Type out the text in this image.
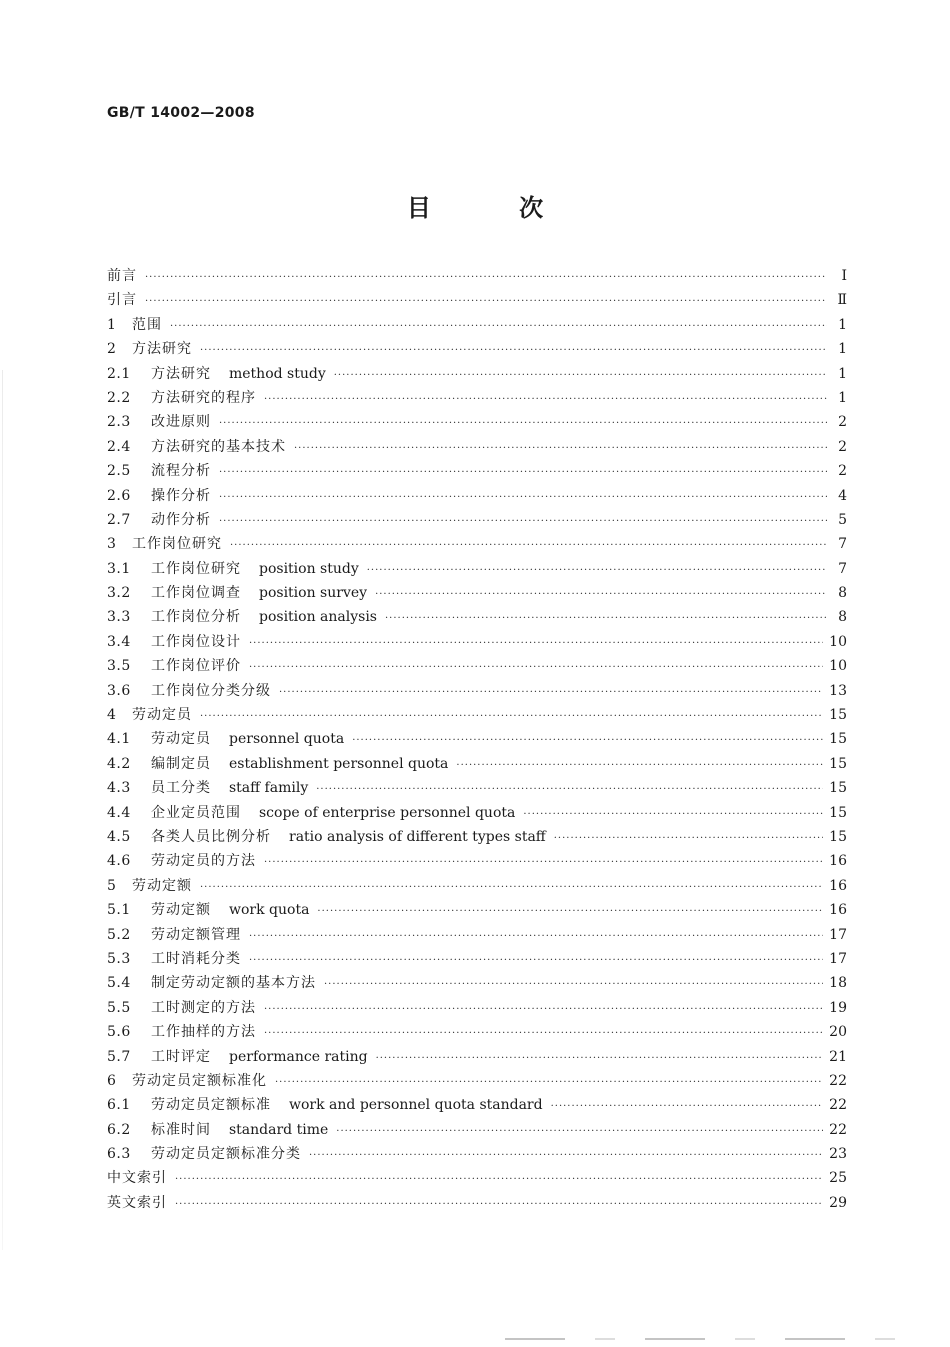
GB/T 14002—2008
目 次
前言 ·····	Ⅰ
引言 ·····	Ⅱ
1	范围 ·····	1
2	方法研究 ·····	1
2.1	方法研究 method study ·····	1
2.2	方法研究的程序 ·····	1
2.3	改进原则 ·····	2
2.4	方法研究的基本技术 ·····	2
2.5	流程分析 ·····	2
2.6	操作分析 ·····	4
2.7	动作分析 ·····	5
3	工作岗位研究 ·····	7
3.1	工作岗位研究 position study ·····	7
3.2	工作岗位调查 position survey ·····	8
3.3	工作岗位分析 position analysis ·····	8
3.4	工作岗位设计 ·····	10
3.5	工作岗位评价 ·····	10
3.6	工作岗位分类分级 ·····	13
4	劳动定员 ·····	15
4.1	劳动定员 personnel quota ·····	15
4.2	编制定员 establishment personnel quota ·····	15
4.3	员工分类 staff family ·····	15
4.4	企业定员范围 scope of enterprise personnel quota ·····	15
4.5	各类人员比例分析 ratio analysis of different types staff ·····	15
4.6	劳动定员的方法 ·····	16
5	劳动定额 ·····	16
5.1	劳动定额 work quota ·····	16
5.2	劳动定额管理 ·····	17
5.3	工时消耗分类 ·····	17
5.4	制定劳动定额的基本方法 ·····	18
5.5	工时测定的方法 ·····	19
5.6	工作抽样的方法 ·····	20
5.7	工时评定 performance rating ·····	21
6	劳动定员定额标准化 ·····	22
6.1	劳动定员定额标准 work and personnel quota standard ·····	22
6.2	标准时间 standard time ·····	22
6.3	劳动定员定额标准分类 ·····	23
中文索引 ·····	25
英文索引 ·····	29
